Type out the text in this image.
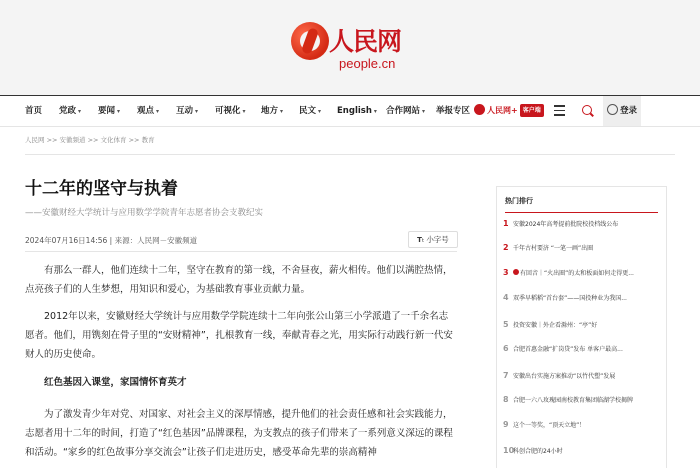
人民网
people.cn
首页 党政 ▾ 要闻 ▾ 观点 ▾ 互动 ▾ 可视化 ▾ 地方 ▾ 民文 ▾ English ▾ 合作网站 ▾ 举报专区	人民网+ 客户端	登录
人民网 >> 安徽频道 >> 文化体育 >> 教育
十二年的坚守与执着
——安徽财经大学统计与应用数学学院青年志愿者协会支教纪实
2024年07月16日14:56 | 来源：人民网－安徽频道	Tt 小字号

有那么一群人，他们连续十二年，坚守在教育的第一线，不舍昼夜，薪火相传。他们以满腔热情，点亮孩子们的人生梦想，用知识和爱心，为基础教育事业贡献力量。

2012年以来，安徽财经大学统计与应用数学学院连续十二年向张公山第三小学派遣了一千余名志愿者。他们，用镌刻在骨子里的“安财精神”，扎根教育一线，奉献青春之光，用实际行动践行新一代安财人的历史使命。

红色基因入课堂，家国情怀育英才

为了激发青少年对党、对国家、对社会主义的深厚情感，提升他们的社会责任感和社会实践能力，志愿者用十二年的时间，打造了“红色基因”品牌课程，为支教点的孩子们带来了一系列意义深远的课程和活动。“家乡的红色故事分享交流会”让孩子们走进历史，感受革命先辈的崇高精神

热门排行
1 安徽2024年高考提前批院校投档线公布
2 千年古村要济 “一笔一画”出圈
3 有回音｜“火出圈”的太和板面如何走得更...
4 双季早稻稻“首台套”——国投种业为我国...
5 投资安徽｜外企看滁州：“亭”好
6 合肥首惠金融“扩岗贷”发布 单客户最高...
7 安徽出台实施方案推动“以竹代塑”发展
8 合肥一六八玫瑰园南校教育集团临湖学校揭牌
9 这个一等奖，“顶天立地”！
10科创合肥的24小时
